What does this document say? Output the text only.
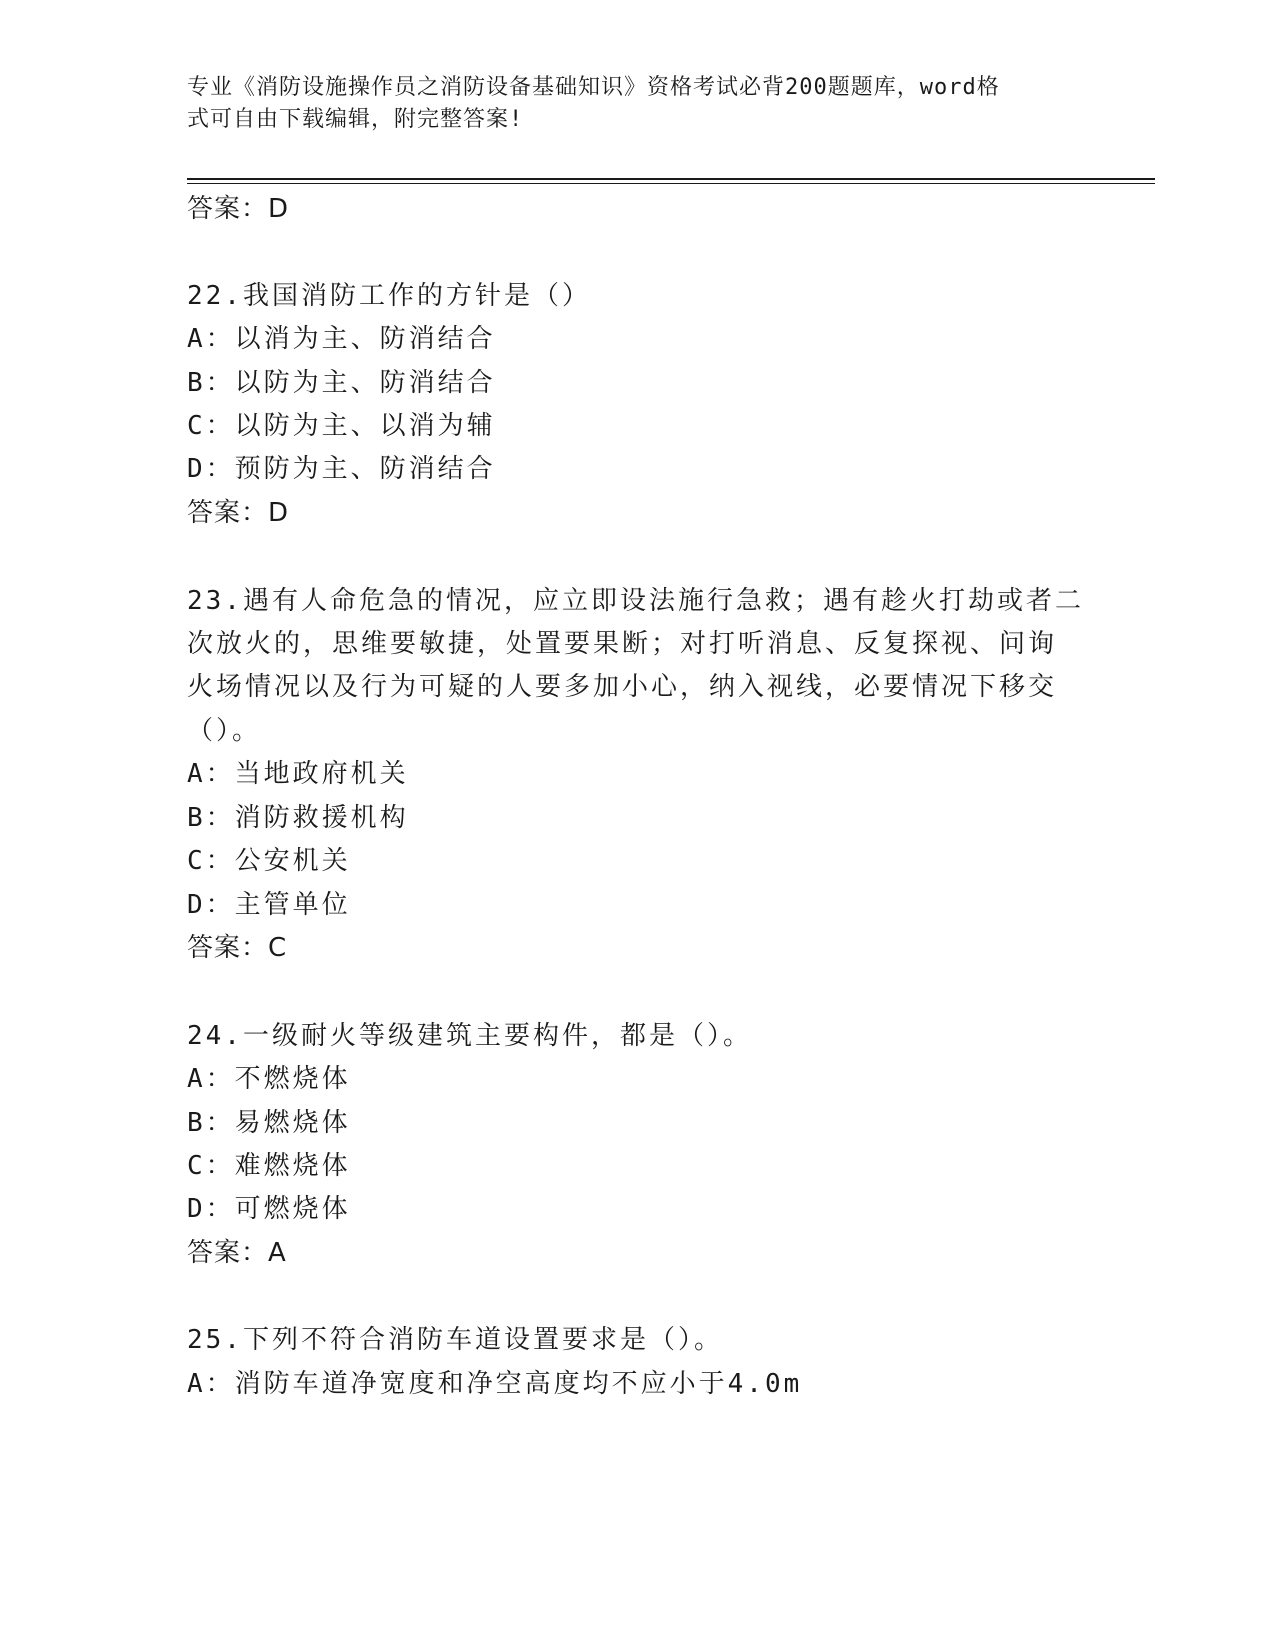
专业《消防设施操作员之消防设备基础知识》资格考试必背200题题库，word格
式可自由下载编辑，附完整答案!
答案：D
22.我国消防工作的方针是（）
A：以消为主、防消结合
B：以防为主、防消结合
C：以防为主、以消为辅
D：预防为主、防消结合
答案：D
23.遇有人命危急的情况，应立即设法施行急救；遇有趁火打劫或者二
次放火的，思维要敏捷，处置要果断；对打听消息、反复探视、问询
火场情况以及行为可疑的人要多加小心，纳入视线，必要情况下移交
（）。
A：当地政府机关
B：消防救援机构
C：公安机关
D：主管单位
答案：C
24.一级耐火等级建筑主要构件，都是（）。
A：不燃烧体
B：易燃烧体
C：难燃烧体
D：可燃烧体
答案：A
25.下列不符合消防车道设置要求是（）。
A：消防车道净宽度和净空高度均不应小于4.0m
